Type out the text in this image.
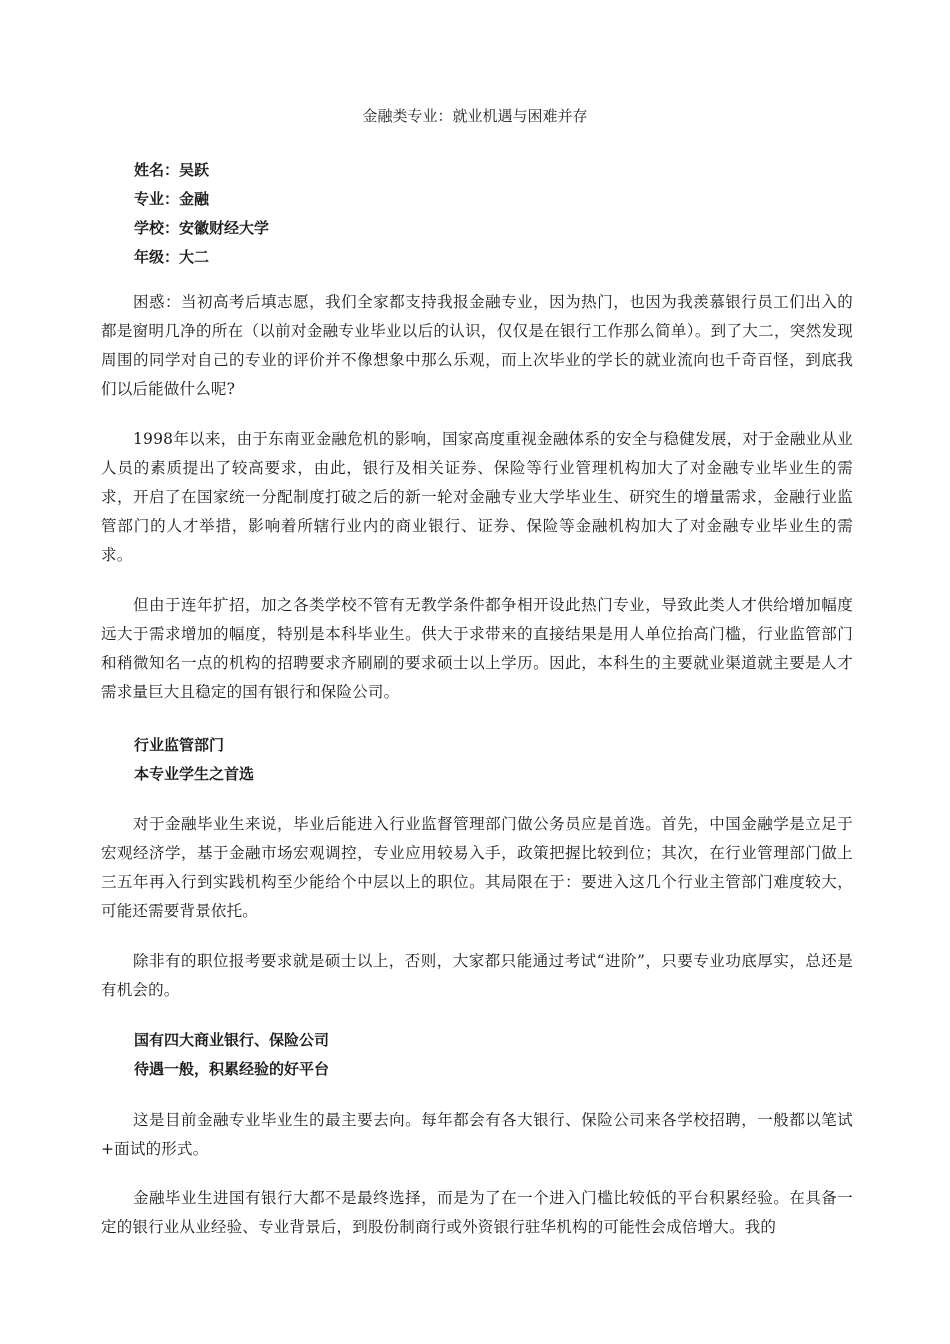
金融类专业：就业机遇与困难并存
姓名：吴跃
专业：金融
学校：安徽财经大学
年级：大二
困惑：当初高考后填志愿，我们全家都支持我报金融专业，因为热门，也因为我羡慕银行员工们出入的都是窗明几净的所在（以前对金融专业毕业以后的认识，仅仅是在银行工作那么简单）。到了大二，突然发现周围的同学对自己的专业的评价并不像想象中那么乐观，而上次毕业的学长的就业流向也千奇百怪，到底我们以后能做什么呢?
1998年以来，由于东南亚金融危机的影响，国家高度重视金融体系的安全与稳健发展，对于金融业从业人员的素质提出了较高要求，由此，银行及相关证券、保险等行业管理机构加大了对金融专业毕业生的需求，开启了在国家统一分配制度打破之后的新一轮对金融专业大学毕业生、研究生的增量需求，金融行业监管部门的人才举措，影响着所辖行业内的商业银行、证券、保险等金融机构加大了对金融专业毕业生的需求。
但由于连年扩招，加之各类学校不管有无教学条件都争相开设此热门专业，导致此类人才供给增加幅度远大于需求增加的幅度，特别是本科毕业生。供大于求带来的直接结果是用人单位抬高门槛，行业监管部门和稍微知名一点的机构的招聘要求齐刷刷的要求硕士以上学历。因此，本科生的主要就业渠道就主要是人才需求量巨大且稳定的国有银行和保险公司。
行业监管部门
本专业学生之首选
对于金融毕业生来说，毕业后能进入行业监督管理部门做公务员应是首选。首先，中国金融学是立足于宏观经济学，基于金融市场宏观调控，专业应用较易入手，政策把握比较到位；其次，在行业管理部门做上三五年再入行到实践机构至少能给个中层以上的职位。其局限在于：要进入这几个行业主管部门难度较大，可能还需要背景依托。
除非有的职位报考要求就是硕士以上，否则，大家都只能通过考试“进阶”，只要专业功底厚实，总还是有机会的。
国有四大商业银行、保险公司
待遇一般，积累经验的好平台
这是目前金融专业毕业生的最主要去向。每年都会有各大银行、保险公司来各学校招聘，一般都以笔试+面试的形式。
金融毕业生进国有银行大都不是最终选择，而是为了在一个进入门槛比较低的平台积累经验。在具备一定的银行业从业经验、专业背景后，到股份制商行或外资银行驻华机构的可能性会成倍增大。我的
